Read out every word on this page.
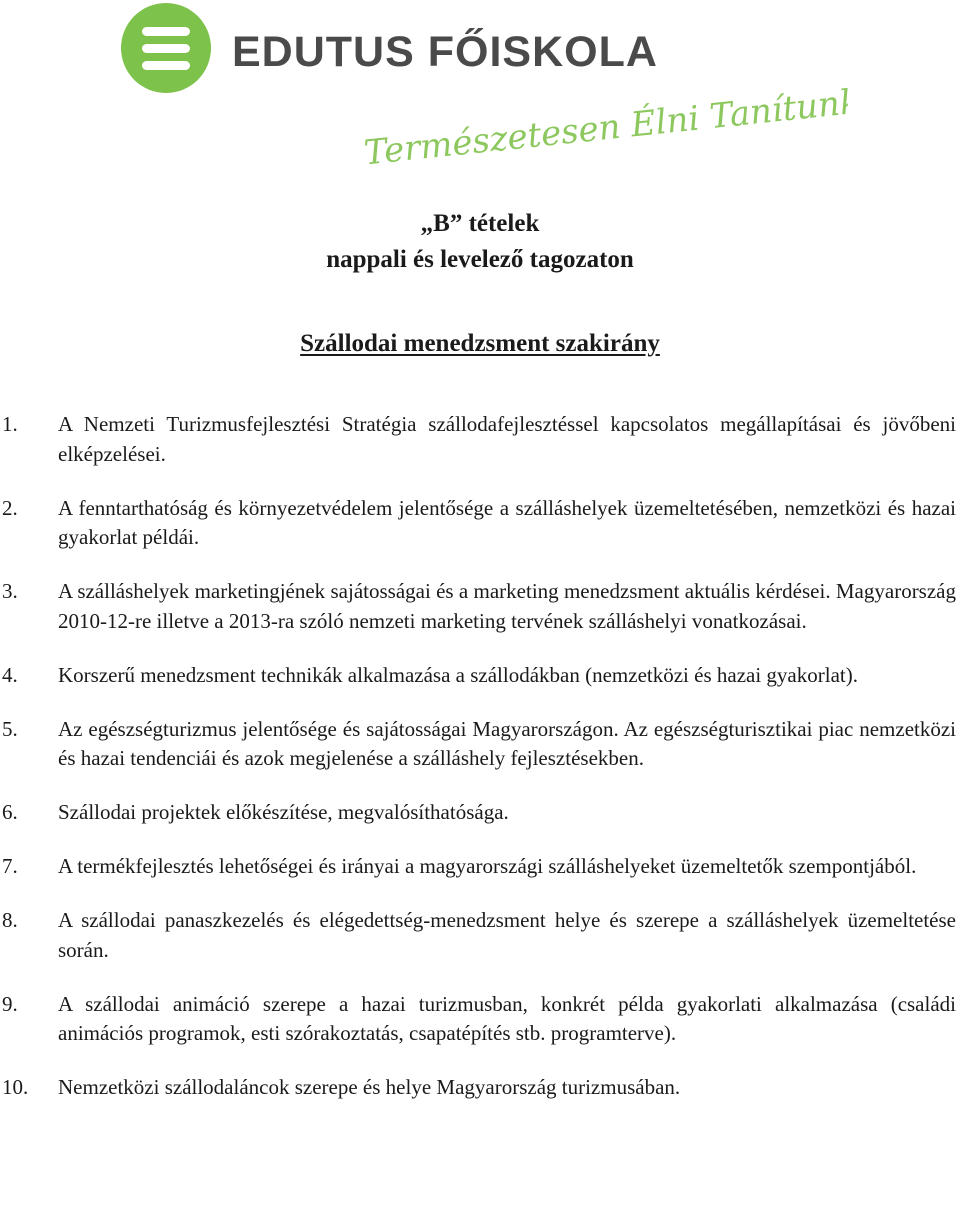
EDUTUS FŐISKOLA
Természetesen Élni Tanítunk!
„B” tételek
nappali és levelező tagozaton
Szállodai menedzsment szakirány
1. A Nemzeti Turizmusfejlesztési Stratégia szállodafejlesztéssel kapcsolatos megállapításai és jövőbeni elképzelései.
2. A fenntarthatóság és környezetvédelem jelentősége a szálláshelyek üzemeltetésében, nemzetközi és hazai gyakorlat példái.
3. A szálláshelyek marketingjének sajátosságai és a marketing menedzsment aktuális kérdései. Magyarország 2010-12-re illetve a 2013-ra szóló nemzeti marketing tervének szálláshelyi vonatkozásai.
4. Korszerű menedzsment technikák alkalmazása a szállodákban (nemzetközi és hazai gyakorlat).
5. Az egészségturizmus jelentősége és sajátosságai Magyarországon. Az egészségturisztikai piac nemzetközi és hazai tendenciái és azok megjelenése a szálláshely fejlesztésekben.
6. Szállodai projektek előkészítése, megvalósíthatósága.
7. A termékfejlesztés lehetőségei és irányai a magyarországi szálláshelyeket üzemeltetők szempontjából.
8. A szállodai panaszkezelés és elégedettség-menedzsment helye és szerepe a szálláshelyek üzemeltetése során.
9. A szállodai animáció szerepe a hazai turizmusban, konkrét példa gyakorlati alkalmazása (családi animációs programok, esti szórakoztatás, csapatépítés stb. programterve).
10. Nemzetközi szállodaláncok szerepe és helye Magyarország turizmusában.
